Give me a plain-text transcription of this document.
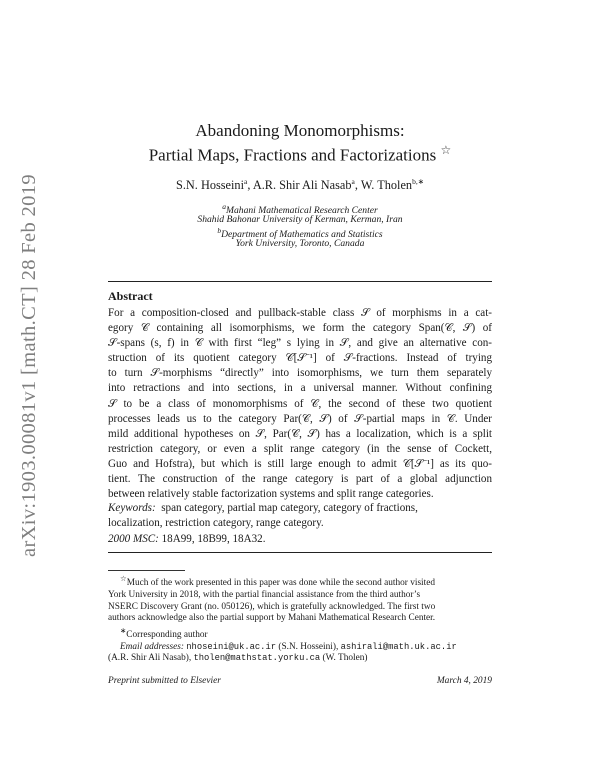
arXiv:1903.00081v1 [math.CT] 28 Feb 2019
Abandoning Monomorphisms:
Partial Maps, Fractions and Factorizations ☆
S.N. Hosseini$^a$, A.R. Shir Ali Nasab$^a$, W. Tholen$^{b,∗}$
$^a$Mahani Mathematical Research Center
Shahid Bahonar University of Kerman, Kerman, Iran
$^b$Department of Mathematics and Statistics
York University, Toronto, Canada
Abstract
For a composition-closed and pullback-stable class 𝒮 of morphisms in a cat-
egory 𝒞 containing all isomorphisms, we form the category Span(𝒞, 𝒮) of
𝒮-spans (s, f) in 𝒞 with first “leg” s lying in 𝒮, and give an alternative con-
struction of its quotient category 𝒞[𝒮⁻¹] of 𝒮-fractions. Instead of trying
to turn 𝒮-morphisms “directly” into isomorphisms, we turn them separately
into retractions and into sections, in a universal manner. Without confining
𝒮 to be a class of monomorphisms of 𝒞, the second of these two quotient
processes leads us to the category Par(𝒞, 𝒮) of 𝒮-partial maps in 𝒞. Under
mild additional hypotheses on 𝒮, Par(𝒞, 𝒮) has a localization, which is a split
restriction category, or even a split range category (in the sense of Cockett,
Guo and Hofstra), but which is still large enough to admit 𝒞[𝒮⁻¹] as its quo-
tient. The construction of the range category is part of a global adjunction
between relatively stable factorization systems and split range categories.
Keywords: span category, partial map category, category of fractions,
localization, restriction category, range category.
2000 MSC: 18A99, 18B99, 18A32.
☆Much of the work presented in this paper was done while the second author visited
York University in 2018, with the partial financial assistance from the third author’s
NSERC Discovery Grant (no. 050126), which is gratefully acknowledged. The first two
authors acknowledge also the partial support by Mahani Mathematical Research Center.
∗Corresponding author
Email addresses: nhoseini@uk.ac.ir (S.N. Hosseini), ashirali@math.uk.ac.ir
(A.R. Shir Ali Nasab), tholen@mathstat.yorku.ca (W. Tholen)
Preprint submitted to Elsevier	March 4, 2019
